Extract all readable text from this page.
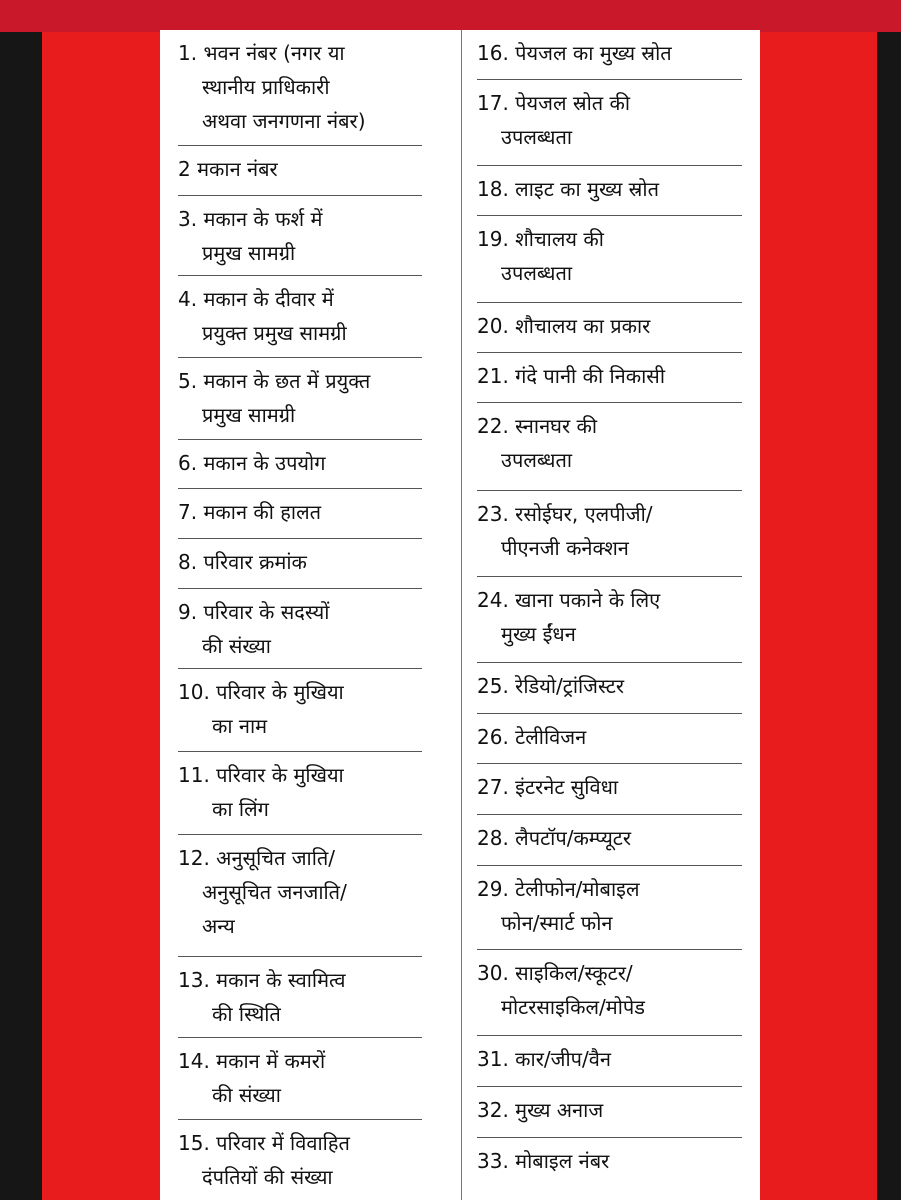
1. भवन नंबर (नगर या
स्थानीय प्राधिकारी
अथवा जनगणना नंबर)
2 मकान नंबर
3. मकान के फर्श में
प्रमुख सामग्री
4. मकान के दीवार में
प्रयुक्त प्रमुख सामग्री
5. मकान के छत में प्रयुक्त
प्रमुख सामग्री
6. मकान के उपयोग
7. मकान की हालत
8. परिवार क्रमांक
9. परिवार के सदस्यों
की संख्या
10. परिवार के मुखिया
का नाम
11. परिवार के मुखिया
का लिंग
12. अनुसूचित जाति/
अनुसूचित जनजाति/
अन्य
13. मकान के स्वामित्व
की स्थिति
14. मकान में कमरों
की संख्या
15. परिवार में विवाहित
दंपतियों की संख्या
16. पेयजल का मुख्य स्रोत
17. पेयजल स्रोत की
उपलब्धता
18. लाइट का मुख्य स्रोत
19. शौचालय की
उपलब्धता
20. शौचालय का प्रकार
21. गंदे पानी की निकासी
22. स्नानघर की
उपलब्धता
23. रसोईघर, एलपीजी/
पीएनजी कनेक्शन
24. खाना पकाने के लिए
मुख्य ईंधन
25. रेडियो/ट्रांजिस्टर
26. टेलीविजन
27. इंटरनेट सुविधा
28. लैपटॉप/कम्प्यूटर
29. टेलीफोन/मोबाइल
फोन/स्मार्ट फोन
30. साइकिल/स्कूटर/
मोटरसाइकिल/मोपेड
31. कार/जीप/वैन
32. मुख्य अनाज
33. मोबाइल नंबर
